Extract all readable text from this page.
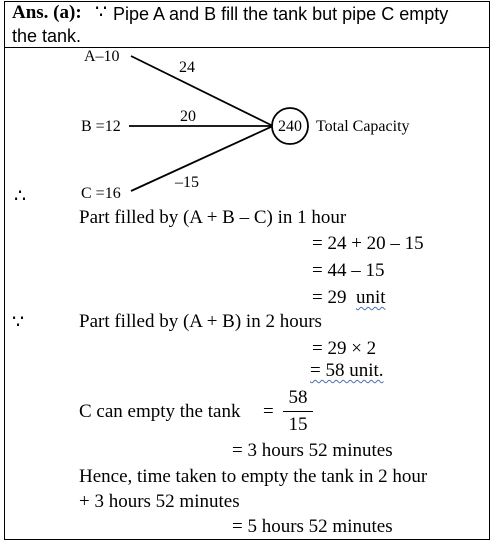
Ans. (a): ∵ Pipe A and B fill the tank but pipe C empty
the tank.
A–10
B =12
C =16
24
20
–15
240 Total Capacity
∴
Part filled by (A + B – C) in 1 hour
= 24 + 20 – 15
= 44 – 15
= 29 unit
∵	Part filled by (A + B) in 2 hours
= 29 × 2
= 58 unit.
C can empty the tank =
58
15
= 3 hours 52 minutes
Hence, time taken to empty the tank in 2 hour
+ 3 hours 52 minutes
= 5 hours 52 minutes
